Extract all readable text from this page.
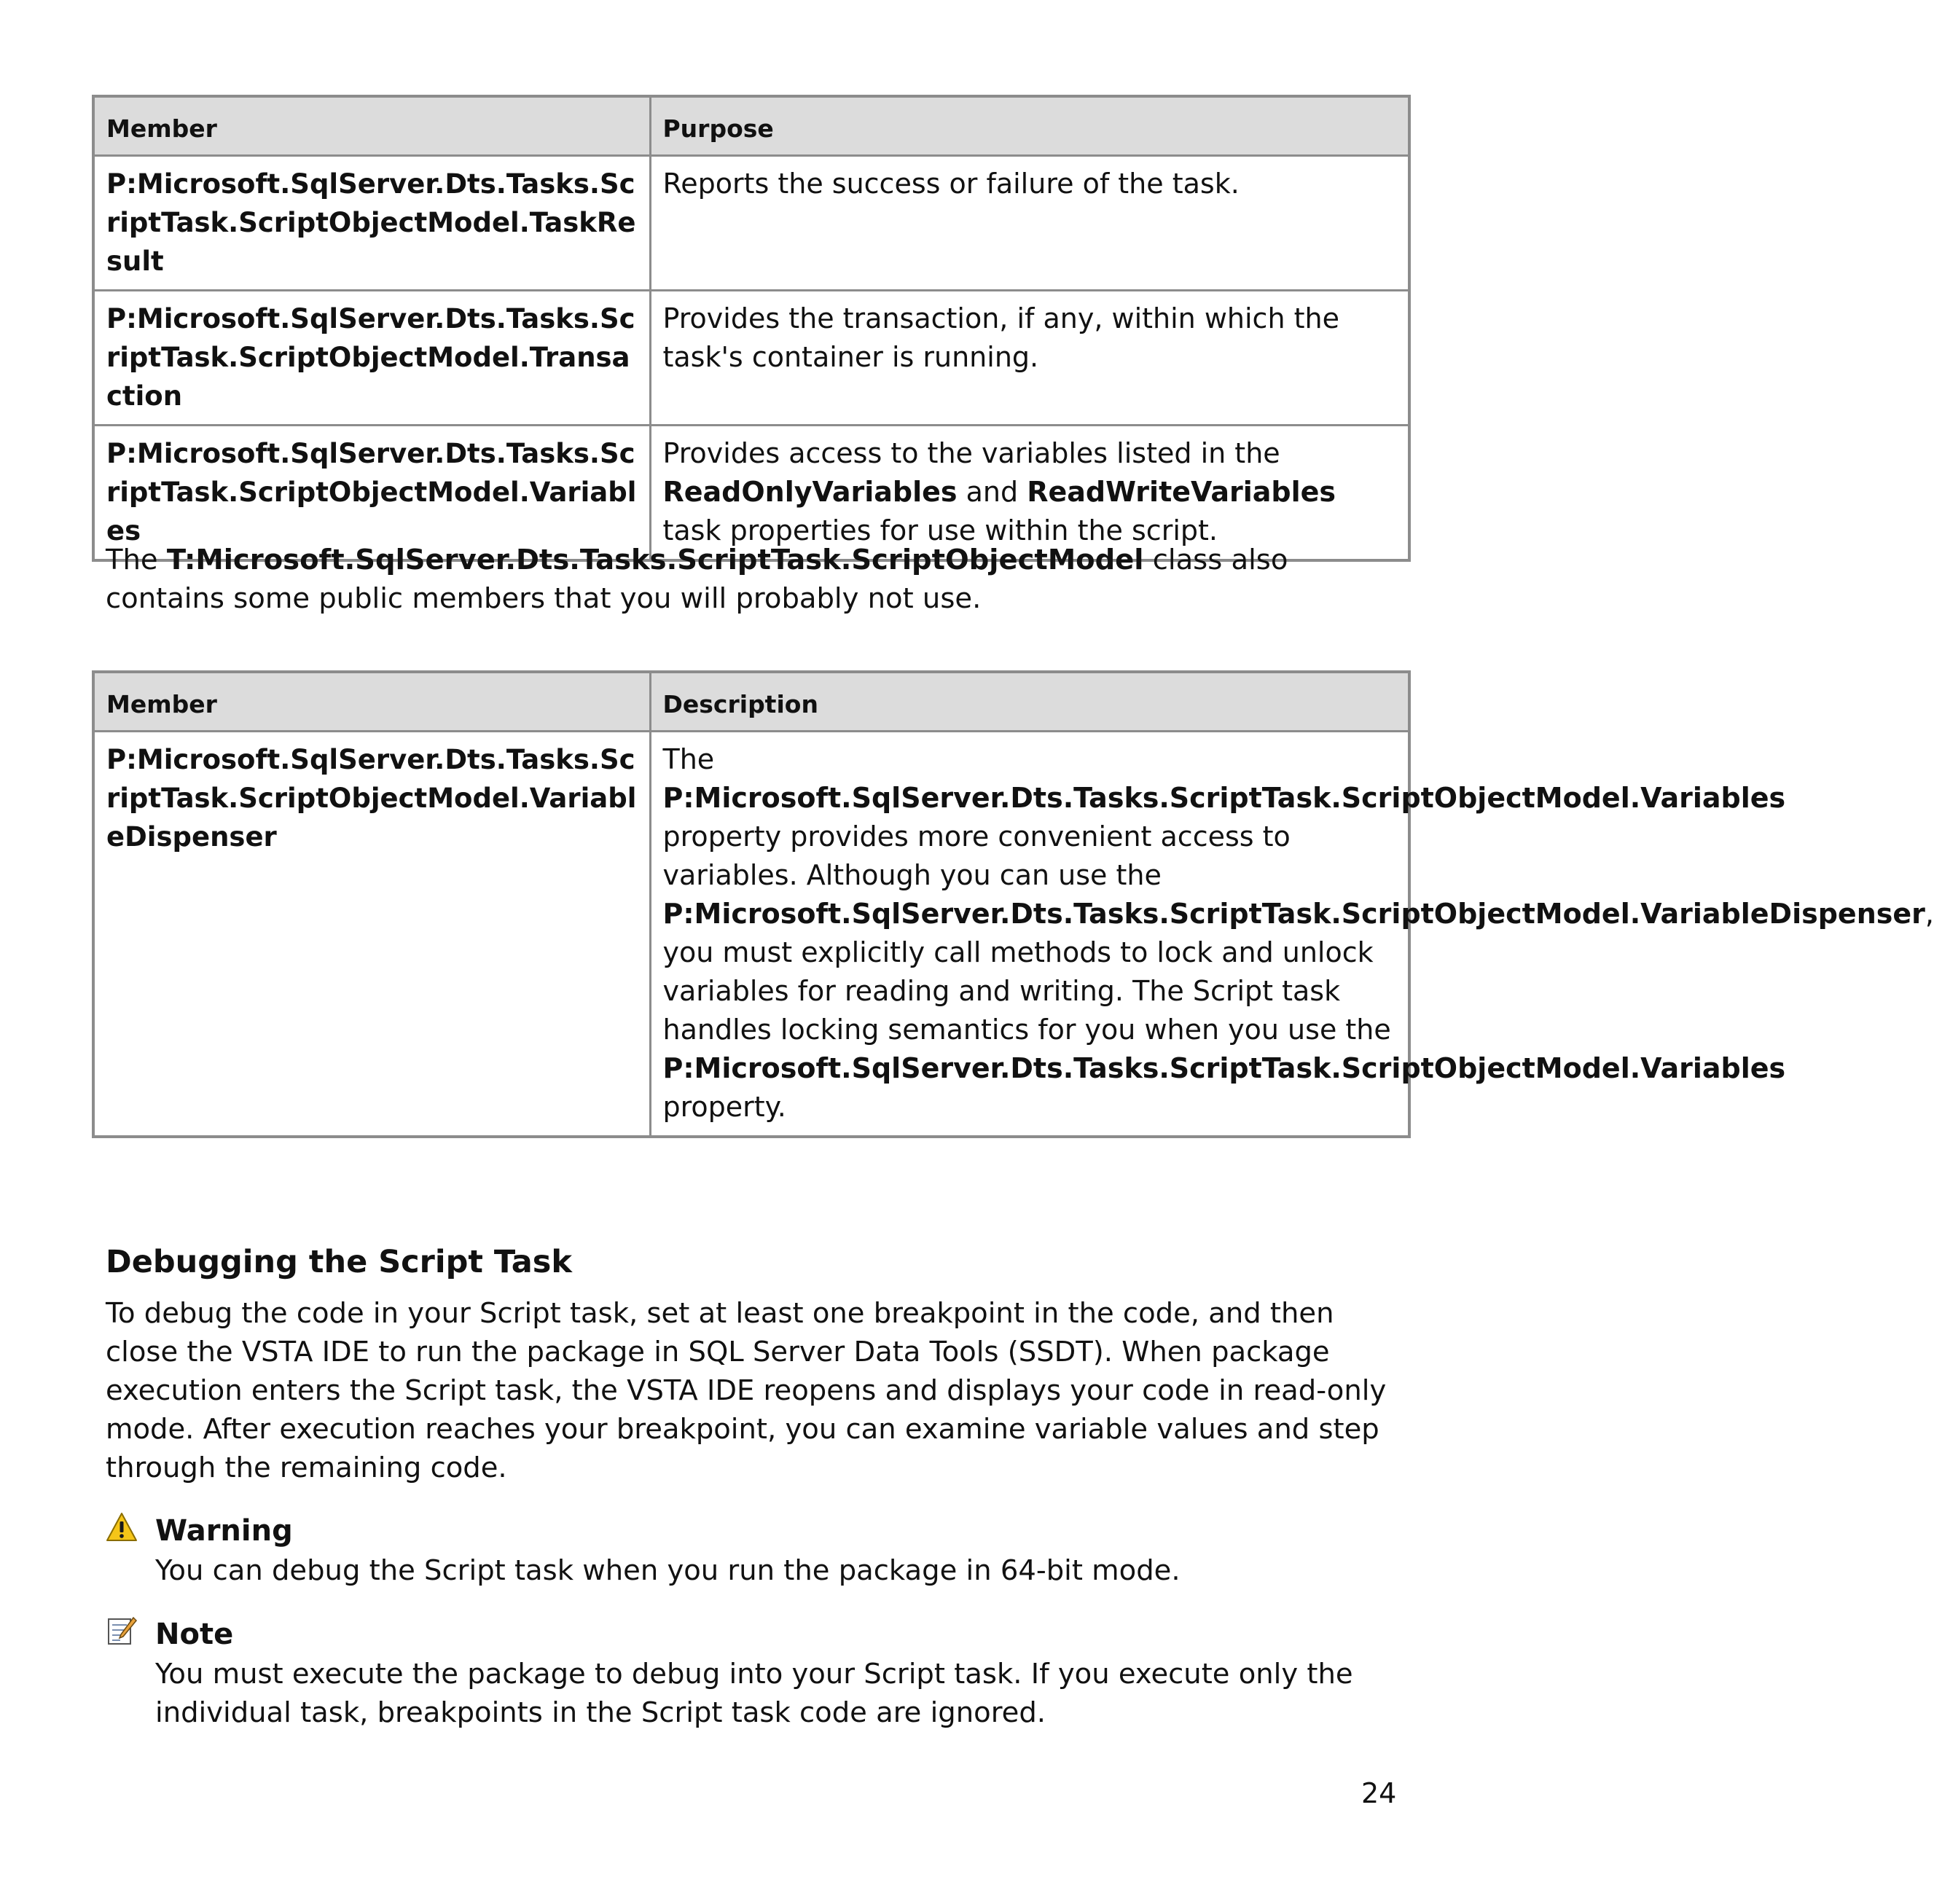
Member	Purpose
P:Microsoft.SqlServer.Dts.Tasks.ScriptTask.ScriptObjectModel.TaskResult	Reports the success or failure of the task.
P:Microsoft.SqlServer.Dts.Tasks.ScriptTask.ScriptObjectModel.Transaction	Provides the transaction, if any, within which the task's container is running.
P:Microsoft.SqlServer.Dts.Tasks.ScriptTask.ScriptObjectModel.Variables	Provides access to the variables listed in the ReadOnlyVariables and ReadWriteVariables task properties for use within the script.

The T:Microsoft.SqlServer.Dts.Tasks.ScriptTask.ScriptObjectModel class also contains some public members that you will probably not use.

Member	Description
P:Microsoft.SqlServer.Dts.Tasks.ScriptTask.ScriptObjectModel.VariableDispenser	The P:Microsoft.SqlServer.Dts.Tasks.ScriptTask.ScriptObjectModel.Variables property provides more convenient access to variables. Although you can use the P:Microsoft.SqlServer.Dts.Tasks.ScriptTask.ScriptObjectModel.VariableDispenser, you must explicitly call methods to lock and unlock variables for reading and writing. The Script task handles locking semantics for you when you use the P:Microsoft.SqlServer.Dts.Tasks.ScriptTask.ScriptObjectModel.Variables property.
Debugging the Script Task

To debug the code in your Script task, set at least one breakpoint in the code, and then close the VSTA IDE to run the package in SQL Server Data Tools (SSDT). When package execution enters the Script task, the VSTA IDE reopens and displays your code in read-only mode. After execution reaches your breakpoint, you can examine variable values and step through the remaining code.

Warning
You can debug the Script task when you run the package in 64-bit mode.
Note
You must execute the package to debug into your Script task. If you execute only the individual task, breakpoints in the Script task code are ignored.
24
